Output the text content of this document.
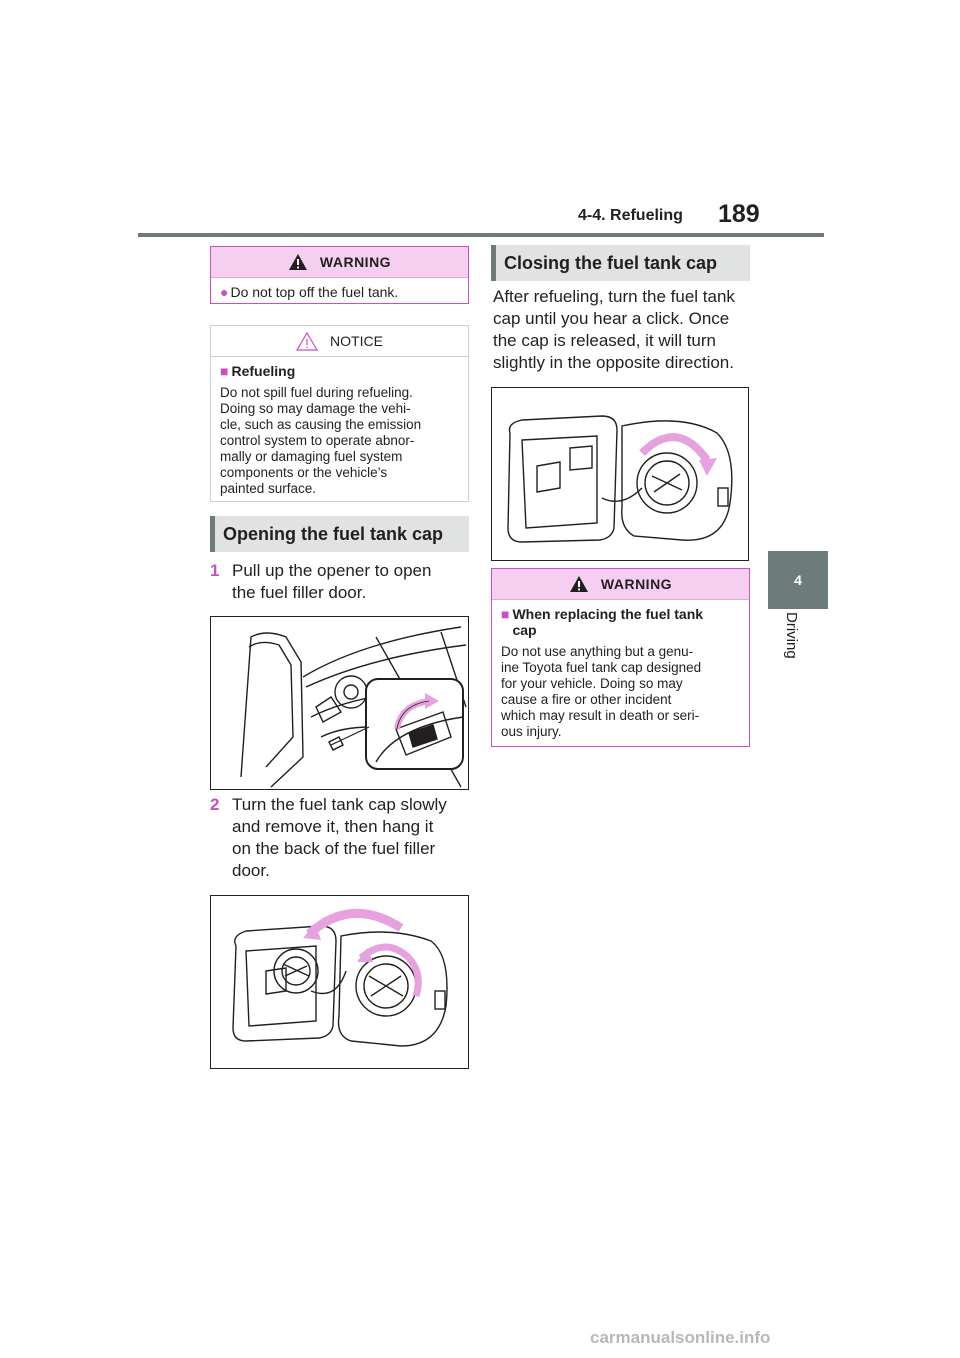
4-4. Refueling 189
4
Driving
WARNING
● Do not top off the fuel tank.
NOTICE
■ Refueling
Do not spill fuel during refueling.
Doing so may damage the vehi-
cle, such as causing the emission
control system to operate abnor-
mally or damaging fuel system
components or the vehicle’s
painted surface.
Opening the fuel tank cap
1 Pull up the opener to open
the fuel filler door.
2 Turn the fuel tank cap slowly
and remove it, then hang it
on the back of the fuel filler
door.
Closing the fuel tank cap
After refueling, turn the fuel tank
cap until you hear a click. Once
the cap is released, it will turn
slightly in the opposite direction.
WARNING
■ When replacing the fuel tank
cap
Do not use anything but a genu-
ine Toyota fuel tank cap designed
for your vehicle. Doing so may
cause a fire or other incident
which may result in death or seri-
ous injury.
carmanualsonline.info
